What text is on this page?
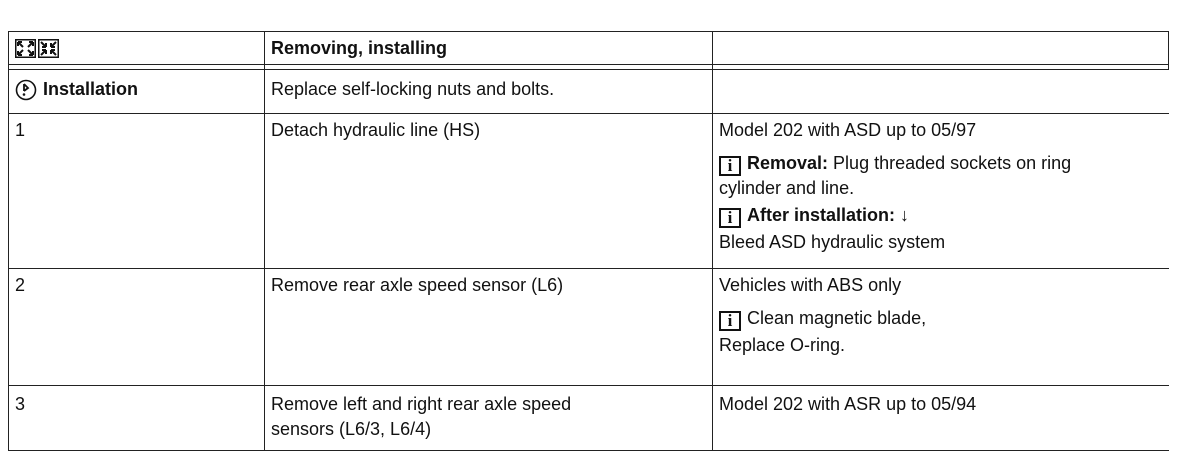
	Removing, installing	

Installation	Replace self-locking nuts and bolts.	
1	Detach hydraulic line (HS)	Model 202 with ASD up to 05/97
i Removal: Plug threaded sockets on ring
cylinder and line.
i After installation: ↓
Bleed ASD hydraulic system

2	Remove rear axle speed sensor (L6)	Vehicles with ABS only
i Clean magnetic blade,
Replace O-ring.

3	Remove left and right rear axle speed
sensors (L6/3, L6/4)	Model 202 with ASR up to 05/94
